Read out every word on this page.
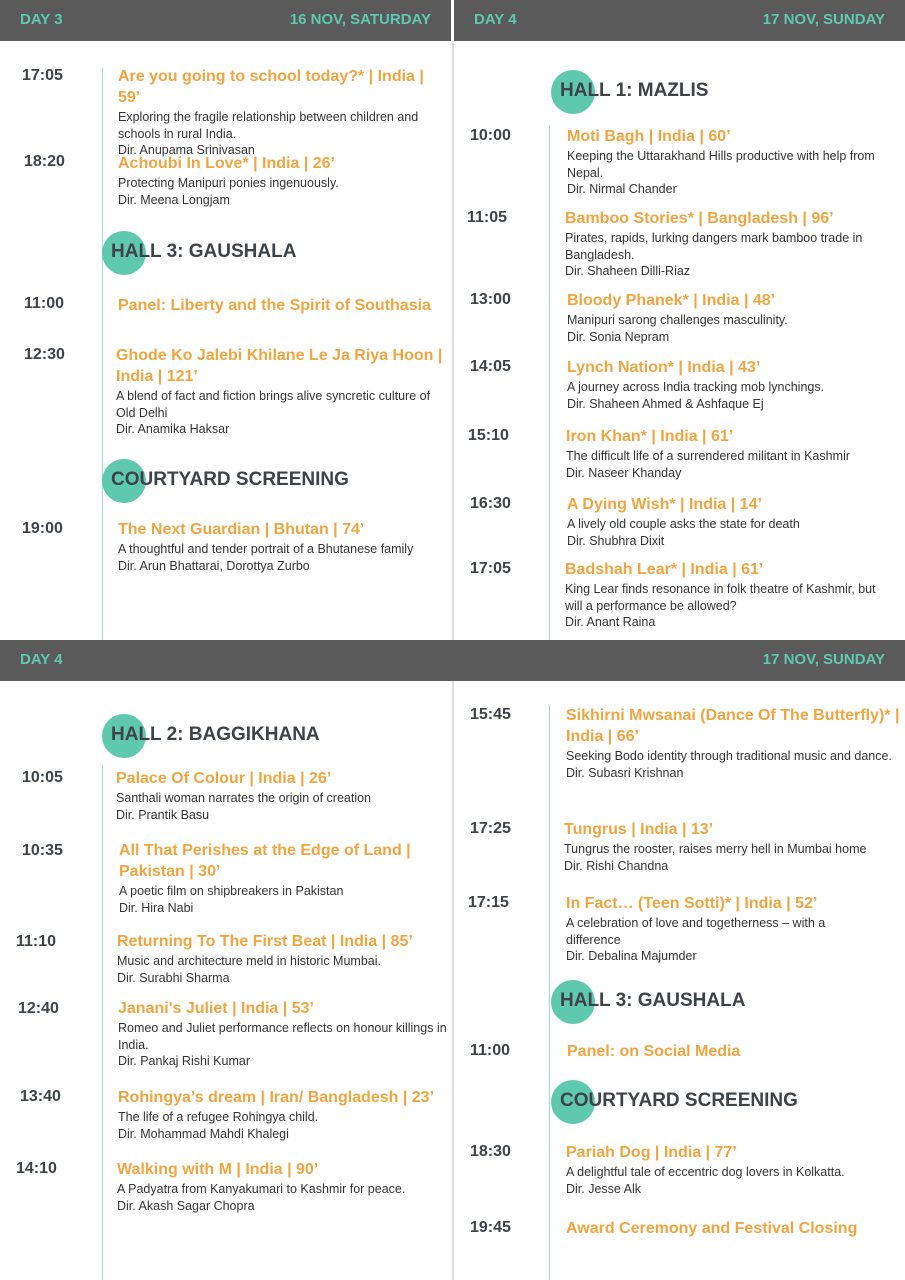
DAY 3	16 NOV, SATURDAY	DAY 4	17 NOV, SUNDAY
DAY 4	17 NOV, SUNDAY
HALL 3: GAUSHALA
COURTYARD SCREENING
HALL 1: MAZLIS
HALL 2: BAGGIKHANA
HALL 3: GAUSHALA
COURTYARD SCREENING
17:05	Are you going to school today?* | India | 59’
Exploring the fragile relationship between children and schools in rural India.
Dir. Anupama Srinivasan
18:20	Achoubi In Love* | India | 26’
Protecting Manipuri ponies ingenuously.
Dir. Meena Longjam
11:00	Panel: Liberty and the Spirit of Southasia
12:30	Ghode Ko Jalebi Khilane Le Ja Riya Hoon | India | 121’
A blend of fact and fiction brings alive syncretic culture of Old Delhi
Dir. Anamika Haksar
19:00	The Next Guardian | Bhutan | 74’
A thoughtful and tender portrait of a Bhutanese family
Dir. Arun Bhattarai, Dorottya Zurbo
10:00	Moti Bagh | India | 60’
Keeping the Uttarakhand Hills productive with help from Nepal.
Dir. Nirmal Chander
11:05	Bamboo Stories* | Bangladesh | 96’
Pirates, rapids, lurking dangers mark bamboo trade in Bangladesh.
Dir. Shaheen Dilli-Riaz
13:00	Bloody Phanek* | India | 48’
Manipuri sarong challenges masculinity.
Dir. Sonia Nepram
14:05	Lynch Nation* | India | 43’
A journey across India tracking mob lynchings.
Dir. Shaheen Ahmed & Ashfaque Ej
15:10	Iron Khan* | India | 61’
The difficult life of a surrendered militant in Kashmir
Dir. Naseer Khanday
16:30	A Dying Wish* | India | 14’
A lively old couple asks the state for death
Dir. Shubhra Dixit
17:05	Badshah Lear* | India | 61’
King Lear finds resonance in folk theatre of Kashmir, but will a performance be allowed?
Dir. Anant Raina
10:05	Palace Of Colour | India | 26’
Santhali woman narrates the origin of creation
Dir. Prantik Basu
10:35	All That Perishes at the Edge of Land | Pakistan | 30’
A poetic film on shipbreakers in Pakistan
Dir. Hira Nabi
11:10	Returning To The First Beat | India | 85’
Music and architecture meld in historic Mumbai.
Dir. Surabhi Sharma
12:40	Janani's Juliet | India | 53’
Romeo and Juliet performance reflects on honour killings in India.
Dir. Pankaj Rishi Kumar
13:40	Rohingya’s dream | Iran/ Bangladesh | 23’
The life of a refugee Rohingya child.
Dir. Mohammad Mahdi Khalegi
14:10	Walking with M | India | 90’
A Padyatra from Kanyakumari to Kashmir for peace.
Dir. Akash Sagar Chopra
15:45	Sikhirni Mwsanai (Dance Of The Butterfly)* | India | 66’
Seeking Bodo identity through traditional music and dance.
Dir. Subasri Krishnan
17:25	Tungrus | India | 13’
Tungrus the rooster, raises merry hell in Mumbai home
Dir. Rishi Chandna
17:15	In Fact… (Teen Sotti)* | India | 52’
A celebration of love and togetherness – with a difference
Dir. Debalina Majumder
11:00	Panel: on Social Media
18:30	Pariah Dog | India | 77’
A delightful tale of eccentric dog lovers in Kolkatta.
Dir. Jesse Alk
19:45	Award Ceremony and Festival Closing
